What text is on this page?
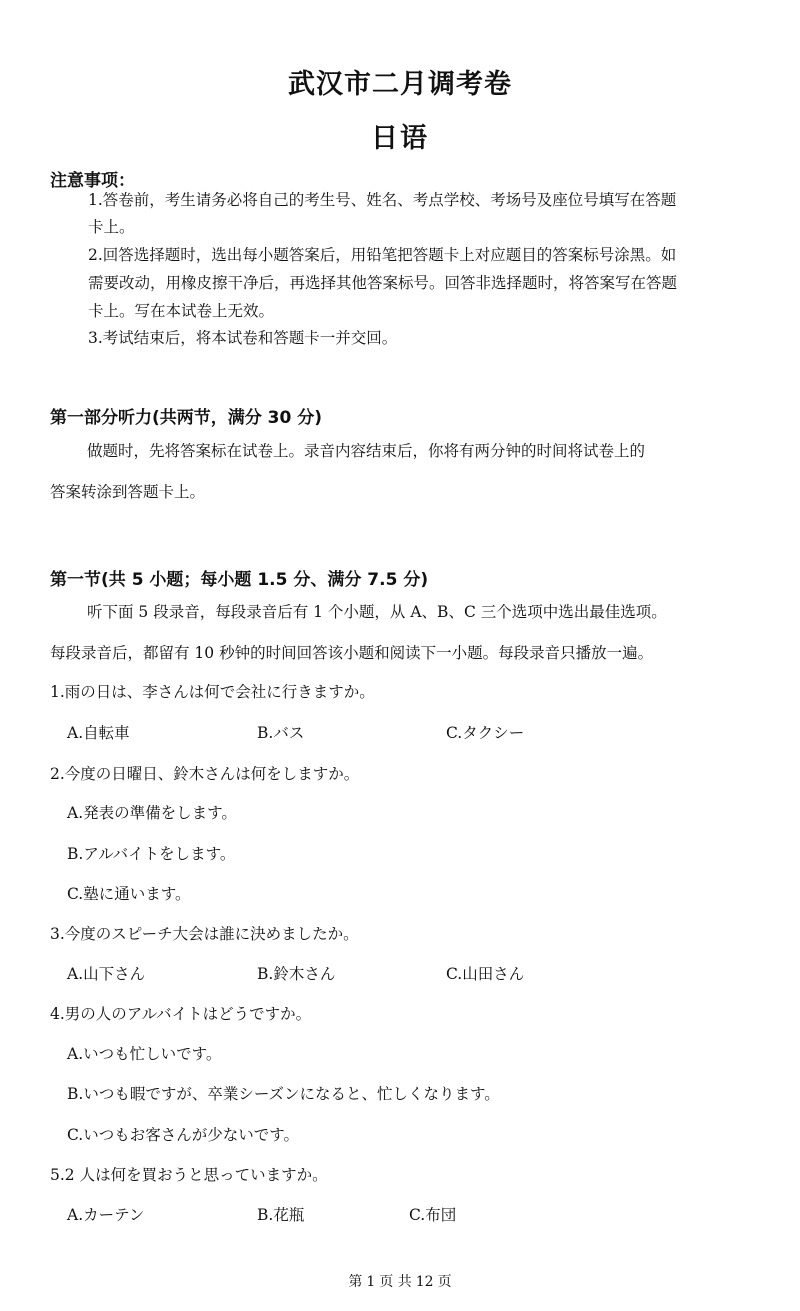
武汉市二月调考卷
日语
注意事项：
1.答卷前，考生请务必将自己的考生号、姓名、考点学校、考场号及座位号填写在答题
卡上。
2.回答选择题时，选出每小题答案后，用铅笔把答题卡上对应题目的答案标号涂黑。如
需要改动，用橡皮擦干净后，再选择其他答案标号。回答非选择题时，将答案写在答题
卡上。写在本试卷上无效。
3.考试结束后，将本试卷和答题卡一并交回。
第一部分听力(共两节，满分 30 分)
做题时，先将答案标在试卷上。录音内容结束后，你将有两分钟的时间将试卷上的
答案转涂到答题卡上。
第一节(共 5 小题；每小题 1.5 分、满分 7.5 分)
听下面 5 段录音，每段录音后有 1 个小题，从 A、B、C 三个选项中选出最佳选项。
每段录音后，都留有 10 秒钟的时间回答该小题和阅读下一小题。每段录音只播放一遍。
1.雨の日は、李さんは何で会社に行きますか。
A.自転車	B.バス	C.タクシー
2.今度の日曜日、鈴木さんは何をしますか。
A.発表の準備をします。
B.アルバイトをします。
C.塾に通います。
3.今度のスピーチ大会は誰に決めましたか。
A.山下さん	B.鈴木さん	C.山田さん
4.男の人のアルバイトはどうですか。
A.いつも忙しいです。
B.いつも暇ですが、卒業シーズンになると、忙しくなります。
C.いつもお客さんが少ないです。
5.2 人は何を買おうと思っていますか。
A.カーテン	B.花瓶	C.布団
第 1 页 共 12 页
